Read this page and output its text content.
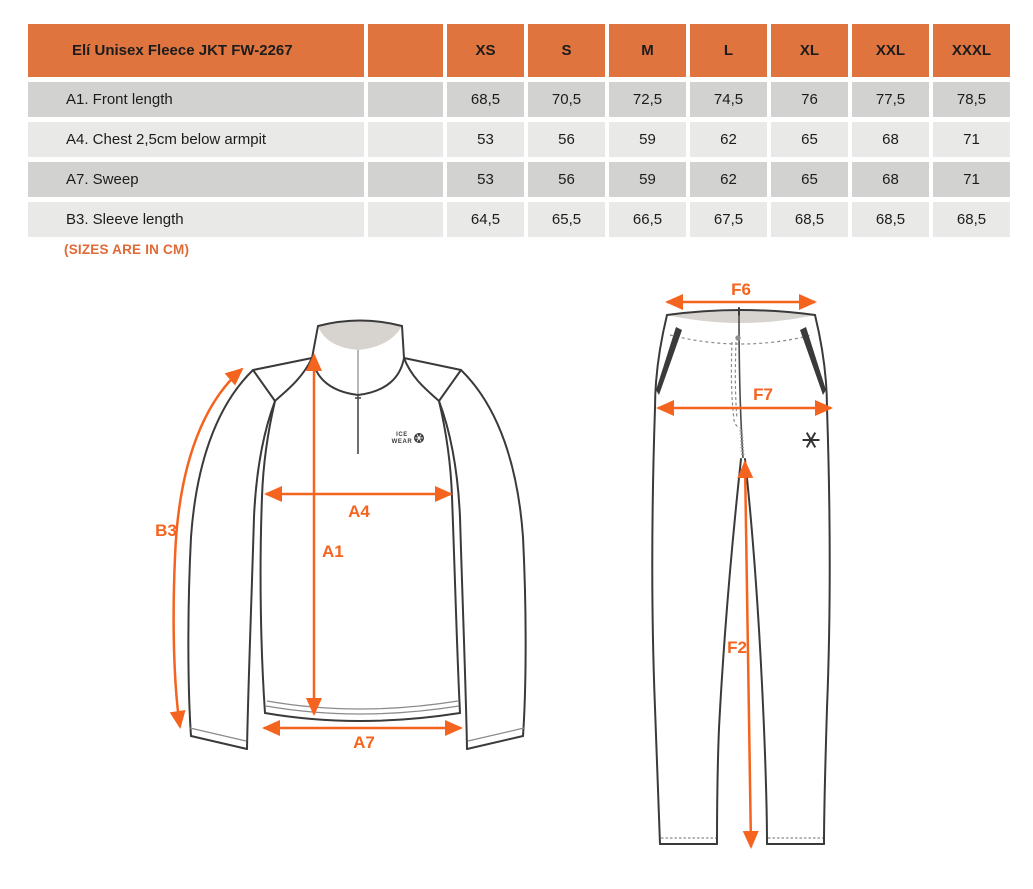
Elí Unisex Fleece JKT FW-2267		XS	S	M	L	XL	XXL	XXXL
A1. Front length		68,5	70,5	72,5	74,5	76	77,5	78,5
A4. Chest 2,5cm below armpit		53	56	59	62	65	68	71
A7. Sweep		53	56	59	62	65	68	71
B3. Sleeve length		64,5	65,5	66,5	67,5	68,5	68,5	68,5
(SIZES ARE IN CM)
ICE
WEAR
B3
A4
A1
A7
F6
F7
F2
